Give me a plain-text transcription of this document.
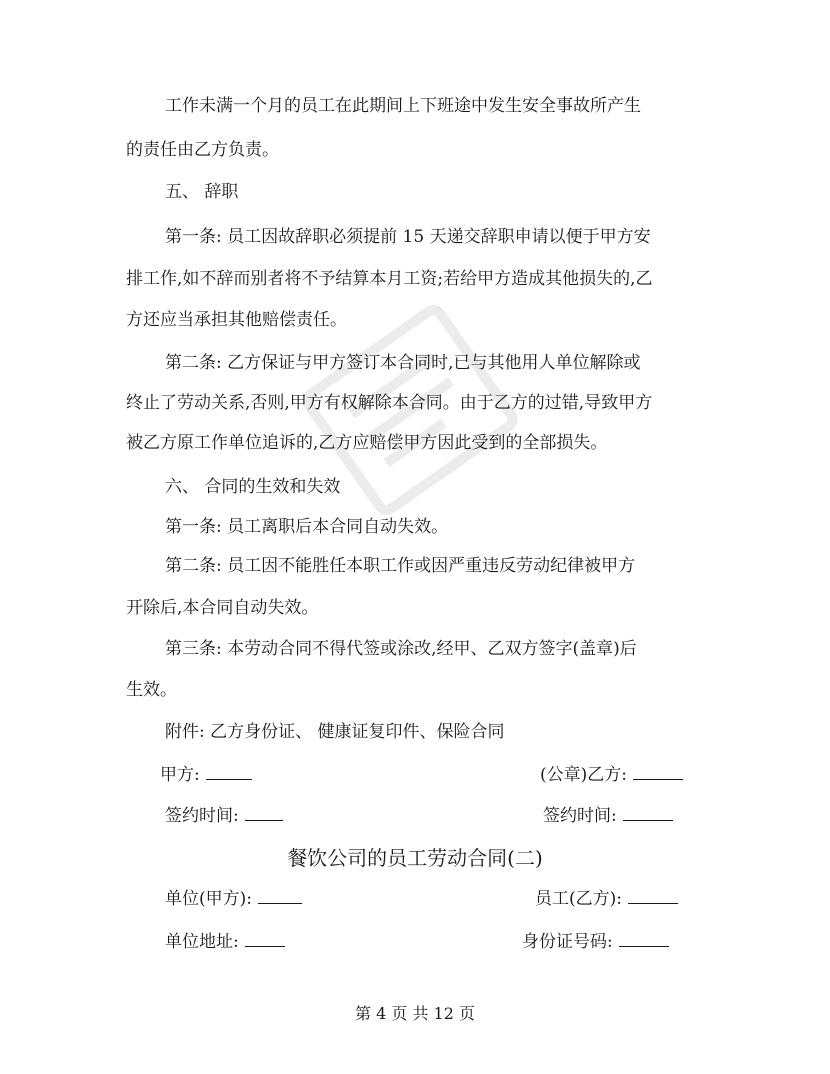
工作未满一个月的员工在此期间上下班途中发生安全事故所产生
的责任由乙方负责。
五、 辞职
第一条: 员工因故辞职必须提前 15 天递交辞职申请以便于甲方安
排工作,如不辞而别者将不予结算本月工资;若给甲方造成其他损失的,乙
方还应当承担其他赔偿责任。
第二条: 乙方保证与甲方签订本合同时,已与其他用人单位解除或
终止了劳动关系,否则,甲方有权解除本合同。由于乙方的过错,导致甲方
被乙方原工作单位追诉的,乙方应赔偿甲方因此受到的全部损失。
六、 合同的生效和失效
第一条: 员工离职后本合同自动失效。
第二条: 员工因不能胜任本职工作或因严重违反劳动纪律被甲方
开除后,本合同自动失效。
第三条: 本劳动合同不得代签或涂改,经甲、乙双方签字(盖章)后
生效。
附件: 乙方身份证、 健康证复印件、保险合同
甲方:	(公章)乙方:
签约时间:	签约时间:
餐饮公司的员工劳动合同(二)
单位(甲方):	员工(乙方):
单位地址:	身份证号码:
第 4 页 共 12 页
